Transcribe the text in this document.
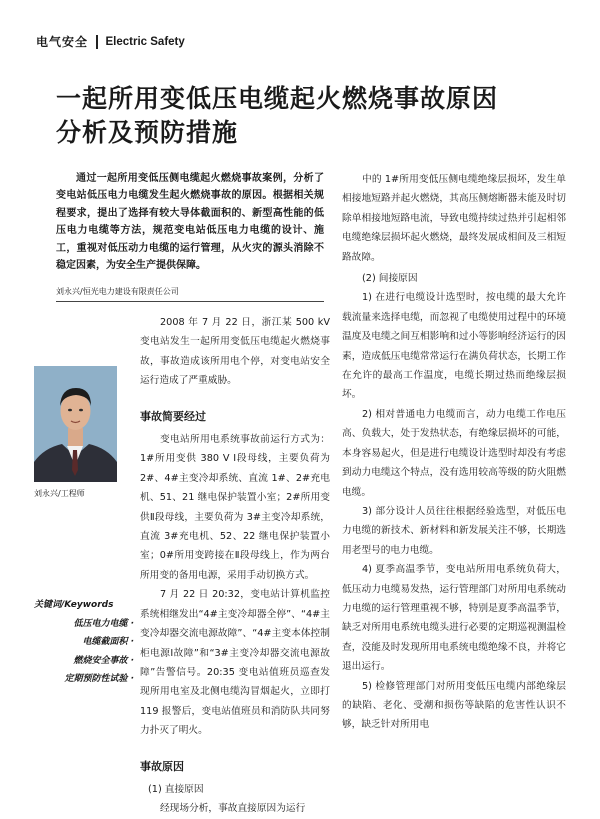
电气安全 Electric Safety
一起所用变低压电缆起火燃烧事故原因
分析及预防措施

通过一起所用变低压侧电缆起火燃烧事故案例，分析了变电站低压电力电缆发生起火燃烧事故的原因。根据相关规程要求，提出了选择有较大导体截面积的、新型高性能的低压电力电缆等方法，规范变电站低压电力电缆的设计、施工，重视对低压动力电缆的运行管理，从火灾的源头消除不稳定因素，为安全生产提供保障。

刘永兴/恒光电力建设有限责任公司
刘永兴/工程师
关键词/Keywords
低压电力电缆 ·
电缆截面积 ·
燃烧安全事故 ·
定期预防性试验 ·

2008 年 7 月 22 日，浙江某 500 kV 变电站发生一起所用变低压电缆起火燃烧事故，事故造成该所用电个停，对变电站安全运行造成了严重威胁。

事故简要经过

变电站所用电系统事故前运行方式为：1#所用变供 380 V Ⅰ段母线，主要负荷为 2#、4#主变冷却系统、直流 1#、2#充电机、51、21 继电保护装置小室；2#所用变供Ⅱ段母线，主要负荷为 3#主变冷却系统，直流 3#充电机、52、22 继电保护装置小室；0#所用变跨接在Ⅱ段母线上，作为两台所用变的备用电源，采用手动切换方式。

7 月 22 日 20:32，变电站计算机监控系统相继发出“4#主变冷却器全停”、“4#主变冷却器交流电源故障”、“4#主变本体控制柜电源Ⅰ故障”和“3#主变冷却器交流电源故障”告警信号。20:35 变电站值班员巡查发现所用电室及北侧电缆沟冒烟起火，立即打 119 报警后，变电站值班员和消防队共同努力扑灭了明火。

事故原因

(1) 直接原因

经现场分析，事故直接原因为运行

中的 1#所用变低压侧电缆绝缘层损坏，发生单相接地短路并起火燃烧，其高压侧熔断器未能及时切除单相接地短路电流，导致电缆持续过热并引起相邻电缆绝缘层损坏起火燃烧，最终发展成相间及三相短路故障。

(2) 间接原因

1) 在进行电缆设计选型时，按电缆的最大允许载流量来选择电缆，而忽视了电缆使用过程中的环境温度及电缆之间互相影响和过小等影响经济运行的因素，造成低压电缆常常运行在满负荷状态，长期工作在允许的最高工作温度，电缆长期过热而绝缘层损坏。

2) 相对普通电力电缆而言，动力电缆工作电压高、负载大，处于发热状态，有绝缘层损坏的可能，本身容易起火，但是进行电缆设计选型时却没有考虑到动力电缆这个特点，没有选用较高等级的防火阻燃电缆。

3) 部分设计人员往往根据经验选型，对低压电力电缆的新技术、新材料和新发展关注不够，长期选用老型号的电力电缆。

4) 夏季高温季节，变电站所用电系统负荷大，低压动力电缆易发热，运行管理部门对所用电系统动力电缆的运行管理重视不够，特别是夏季高温季节，缺乏对所用电系统电缆头进行必要的定期巡视测温检查，没能及时发现所用电系统电缆绝缘不良，并将它退出运行。

5) 检修管理部门对所用变低压电缆内部绝缘层的缺陷、老化、受潮和损伤等缺陷的危害性认识不够，缺乏针对所用电
